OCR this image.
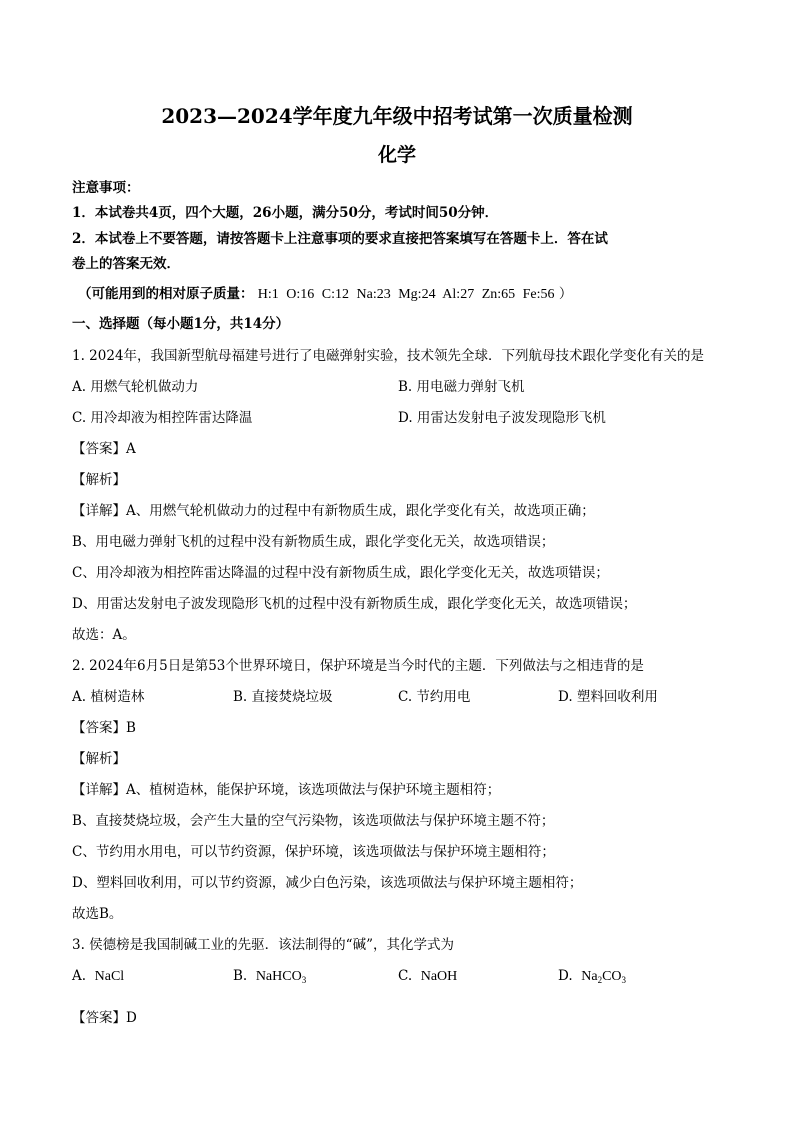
2023—2024学年度九年级中招考试第一次质量检测
化学
注意事项：
1．本试卷共4页，四个大题，26小题，满分50分，考试时间50分钟．
2．本试卷上不要答题，请按答题卡上注意事项的要求直接把答案填写在答题卡上．答在试
卷上的答案无效．
（可能用到的相对原子质量： H:1 O:16 C:12 Na:23 Mg:24 Al:27 Zn:65 Fe:56 ）
一、选择题（每小题1分，共14分）
1. 2024年，我国新型航母福建号进行了电磁弹射实验，技术领先全球．下列航母技术跟化学变化有关的是
A. 用燃气轮机做动力	B. 用电磁力弹射飞机
C. 用冷却液为相控阵雷达降温	D. 用雷达发射电子波发现隐形飞机
【答案】A
【解析】
【详解】A、用燃气轮机做动力的过程中有新物质生成，跟化学变化有关，故选项正确；
B、用电磁力弹射飞机的过程中没有新物质生成，跟化学变化无关，故选项错误；
C、用冷却液为相控阵雷达降温的过程中没有新物质生成，跟化学变化无关，故选项错误；
D、用雷达发射电子波发现隐形飞机的过程中没有新物质生成，跟化学变化无关，故选项错误；
故选：A。
2. 2024年6月5日是第53个世界环境日，保护环境是当今时代的主题．下列做法与之相违背的是
A. 植树造林	B. 直接焚烧垃圾	C. 节约用电	D. 塑料回收利用
【答案】B
【解析】
【详解】A、植树造林，能保护环境，该选项做法与保护环境主题相符；
B、直接焚烧垃圾，会产生大量的空气污染物，该选项做法与保护环境主题不符；
C、节约用水用电，可以节约资源，保护环境，该选项做法与保护环境主题相符；
D、塑料回收利用，可以节约资源，减少白色污染，该选项做法与保护环境主题相符；
故选B。
3. 侯德榜是我国制碱工业的先驱．该法制得的“碱”，其化学式为
A. NaCl	B. NaHCO$_3$	C. NaOH	D. $Na_2CO_3$
【答案】D
